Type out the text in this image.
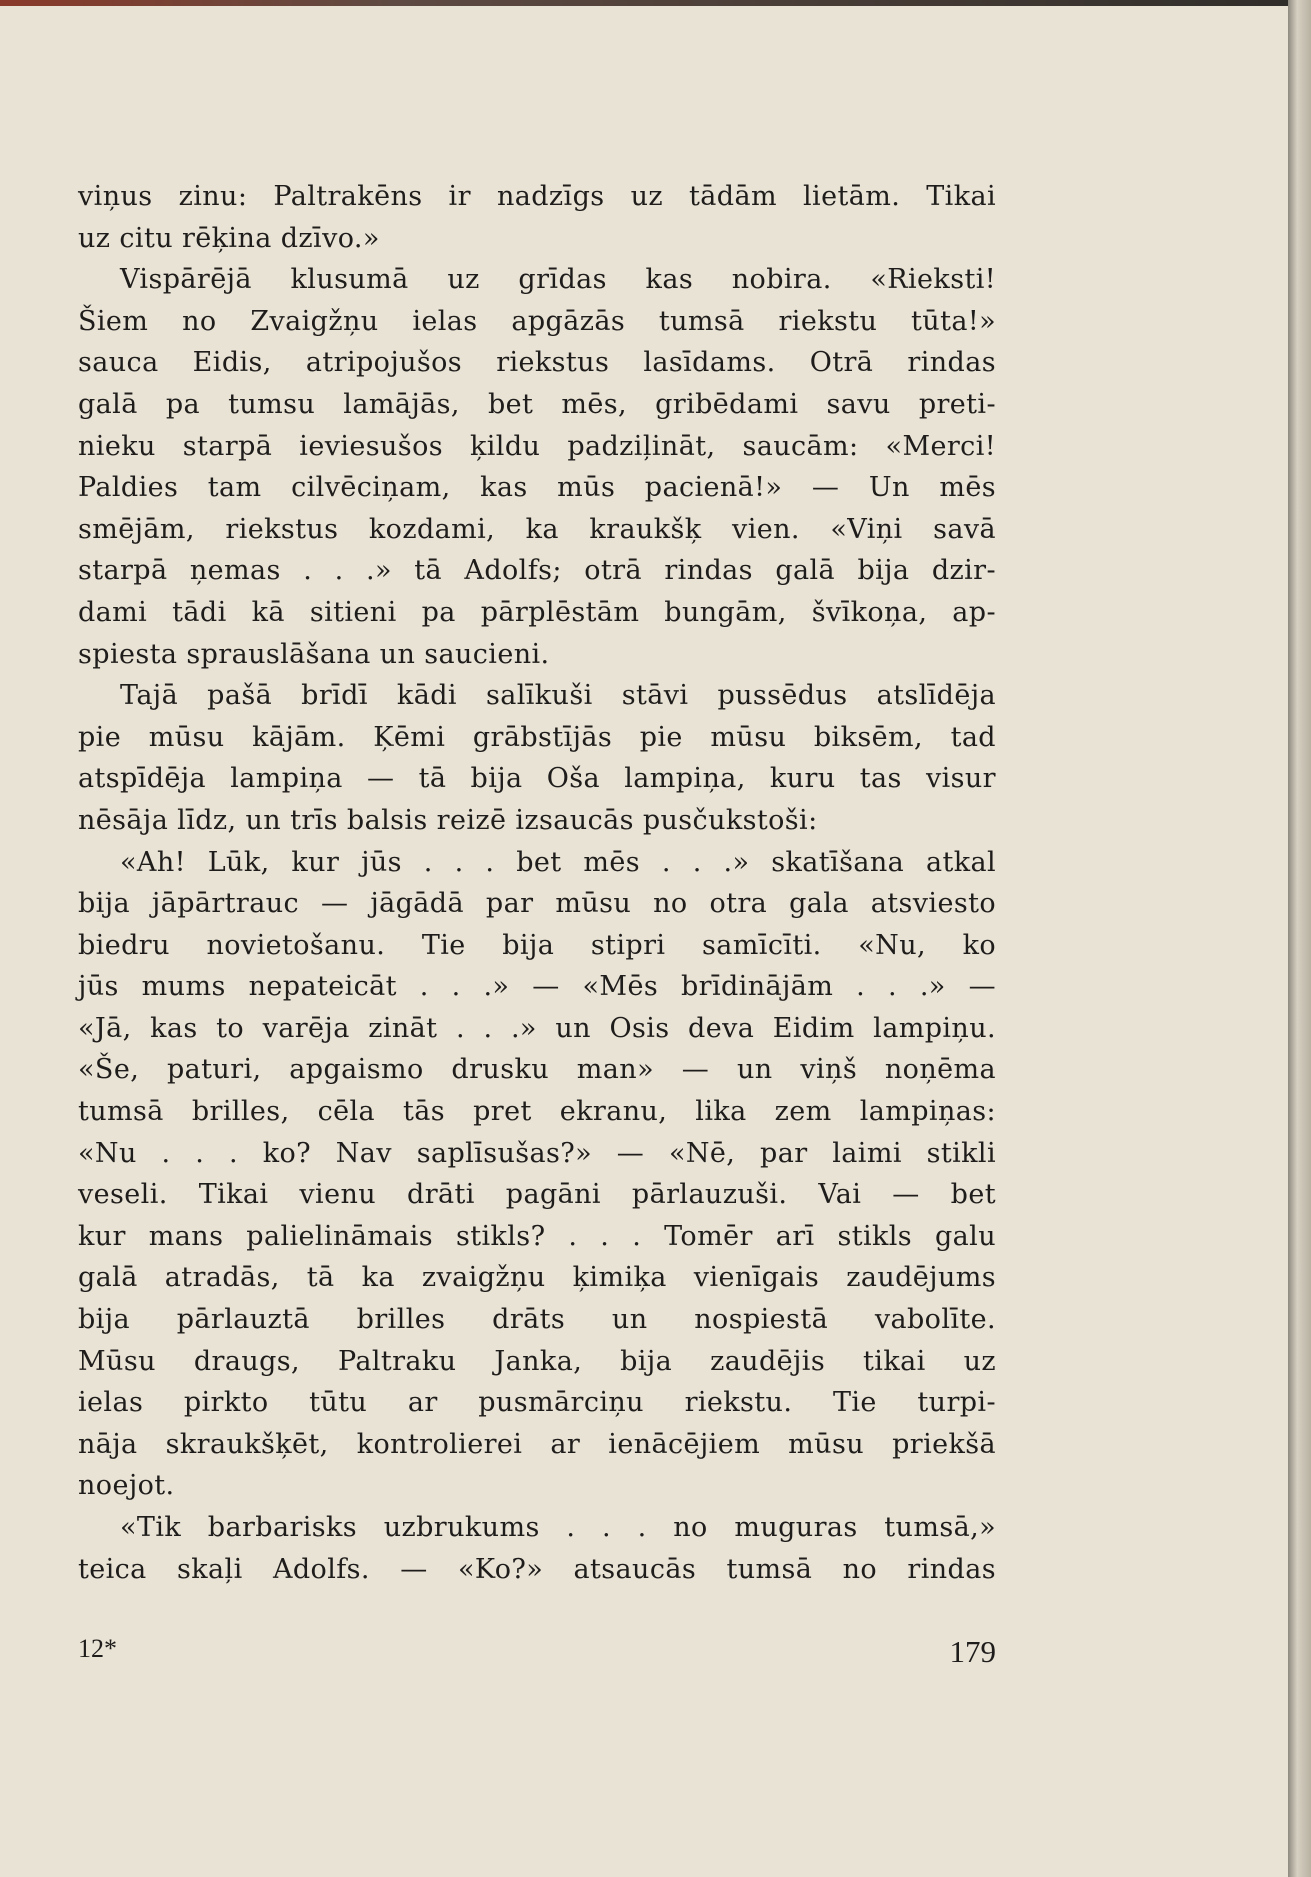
viņus zinu: Paltrakēns ir nadzīgs uz tādām lietām. Tikai
uz citu rēķina dzīvo.»
Vispārējā klusumā uz grīdas kas nobira. «Rieksti!
Šiem no Zvaigžņu ielas apgāzās tumsā riekstu tūta!»
sauca Eidis, atripojušos riekstus lasīdams. Otrā rindas
galā pa tumsu lamājās, bet mēs, gribēdami savu preti-
nieku starpā ieviesušos ķildu padziļināt, saucām: «Merci!
Paldies tam cilvēciņam, kas mūs pacienā!» — Un mēs
smējām, riekstus kozdami, ka kraukšķ vien. «Viņi savā
starpā ņemas . . .» tā Adolfs; otrā rindas galā bija dzir-
dami tādi kā sitieni pa pārplēstām bungām, švīkoņa, ap-
spiesta sprauslāšana un saucieni.
Tajā pašā brīdī kādi salīkuši stāvi pussēdus atslīdēja
pie mūsu kājām. Ķēmi grābstījās pie mūsu biksēm, tad
atspīdēja lampiņa — tā bija Oša lampiņa, kuru tas visur
nēsāja līdz, un trīs balsis reizē izsaucās pusčukstoši:
«Ah! Lūk, kur jūs . . . bet mēs . . .» skatīšana atkal
bija jāpārtrauc — jāgādā par mūsu no otra gala atsviesto
biedru novietošanu. Tie bija stipri samīcīti. «Nu, ko
jūs mums nepateicāt . . .» — «Mēs brīdinājām . . .» —
«Jā, kas to varēja zināt . . .» un Osis deva Eidim lampiņu.
«Še, paturi, apgaismo drusku man» — un viņš noņēma
tumsā brilles, cēla tās pret ekranu, lika zem lampiņas:
«Nu . . . ko? Nav saplīsušas?» — «Nē, par laimi stikli
veseli. Tikai vienu drāti pagāni pārlauzuši. Vai — bet
kur mans palielināmais stikls? . . . Tomēr arī stikls galu
galā atradās, tā ka zvaigžņu ķimiķa vienīgais zaudējums
bija pārlauztā brilles drāts un nospiestā vabolīte.
Mūsu draugs, Paltraku Janka, bija zaudējis tikai uz
ielas pirkto tūtu ar pusmārciņu riekstu. Tie turpi-
nāja skraukšķēt, kontrolierei ar ienācējiem mūsu priekšā
noejot.
«Tik barbarisks uzbrukums . . . no muguras tumsā,»
teica skaļi Adolfs. — «Ko?» atsaucās tumsā no rindas
12*	179
